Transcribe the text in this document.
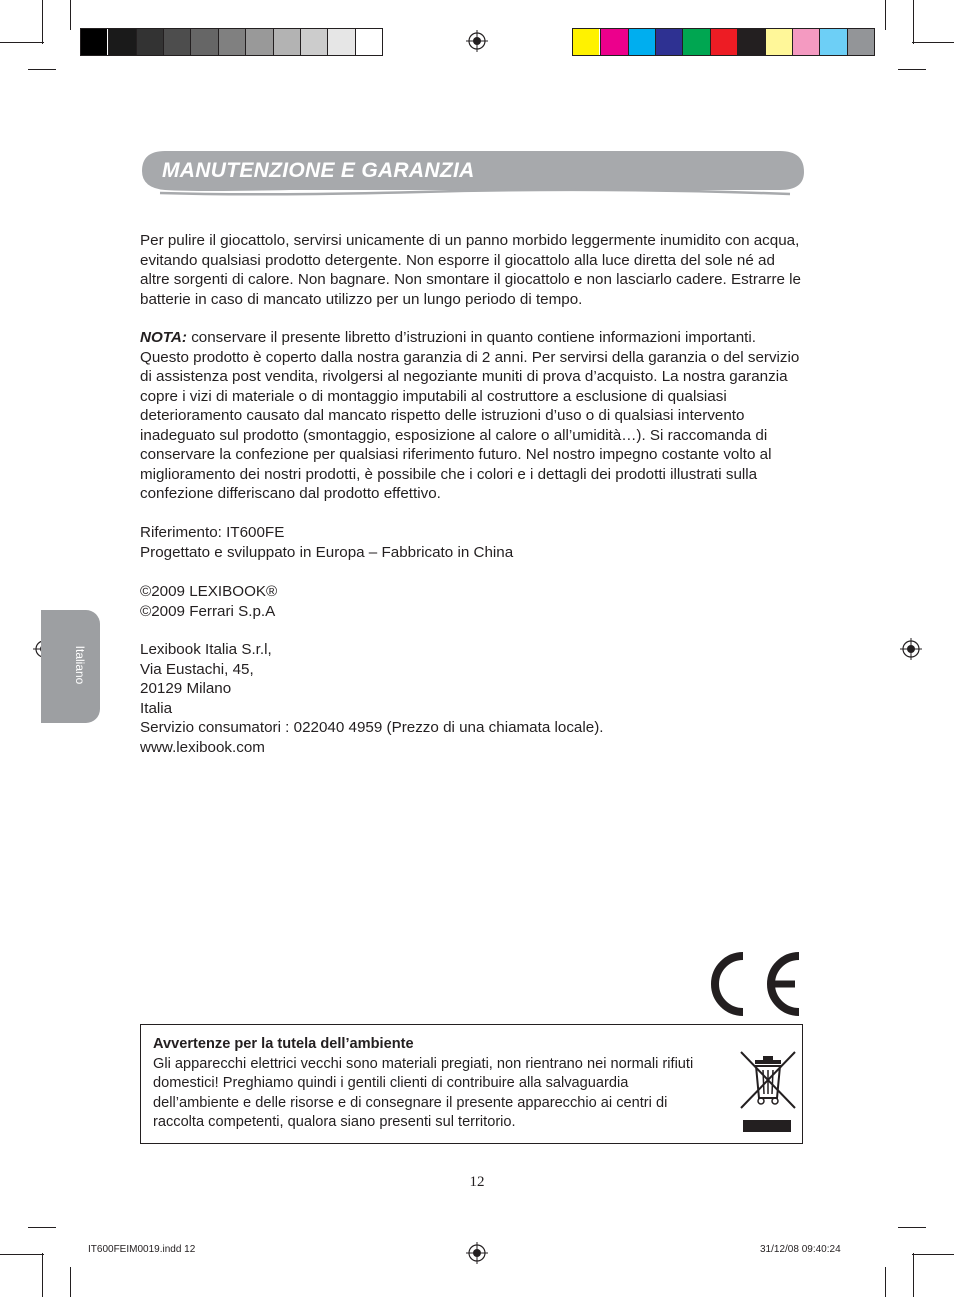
MANUTENZIONE E GARANZIA

Per pulire il giocattolo, servirsi unicamente di un panno morbido leggermente inumidito con acqua, evitando qualsiasi prodotto detergente. Non esporre il giocattolo alla luce diretta del sole né ad altre sorgenti di calore. Non bagnare. Non smontare il giocattolo e non lasciarlo cadere. Estrarre le batterie in caso di mancato utilizzo per un lungo periodo di tempo.

NOTA: conservare il presente libretto d’istruzioni in quanto contiene informazioni importanti. Questo prodotto è coperto dalla nostra garanzia di 2 anni. Per servirsi della garanzia o del servizio di assistenza post vendita, rivolgersi al negoziante muniti di prova d’acquisto. La nostra garanzia copre i vizi di materiale o di montaggio imputabili al costruttore a esclusione di qualsiasi deterioramento causato dal mancato rispetto delle istruzioni d’uso o di qualsiasi intervento inadeguato sul prodotto (smontaggio, esposizione al calore o all’umidità…). Si raccomanda di conservare la confezione per qualsiasi riferimento futuro. Nel nostro impegno costante volto al miglioramento dei nostri prodotti, è possibile che i colori e i dettagli dei prodotti illustrati sulla confezione differiscano dal prodotto effettivo.

Riferimento: IT600FE

Progettato e sviluppato in Europa – Fabbricato in China

©2009 LEXIBOOK®

©2009 Ferrari S.p.A

Lexibook Italia S.r.l,

Via Eustachi, 45,

20129 Milano

Italia

Servizio consumatori : 022040 4959 (Prezzo di una chiamata locale).

www.lexibook.com

Italiano
Avvertenze per la tutela dell’ambiente
Gli apparecchi elettrici vecchi sono materiali pregiati, non rientrano nei normali rifiuti domestici! Preghiamo quindi i gentili clienti di contribuire alla salvaguardia dell’ambiente e delle risorse e di consegnare il presente apparecchio ai centri di raccolta competenti, qualora siano presenti sul territorio.
12
IT600FEIM0019.indd 12	31/12/08 09:40:24
